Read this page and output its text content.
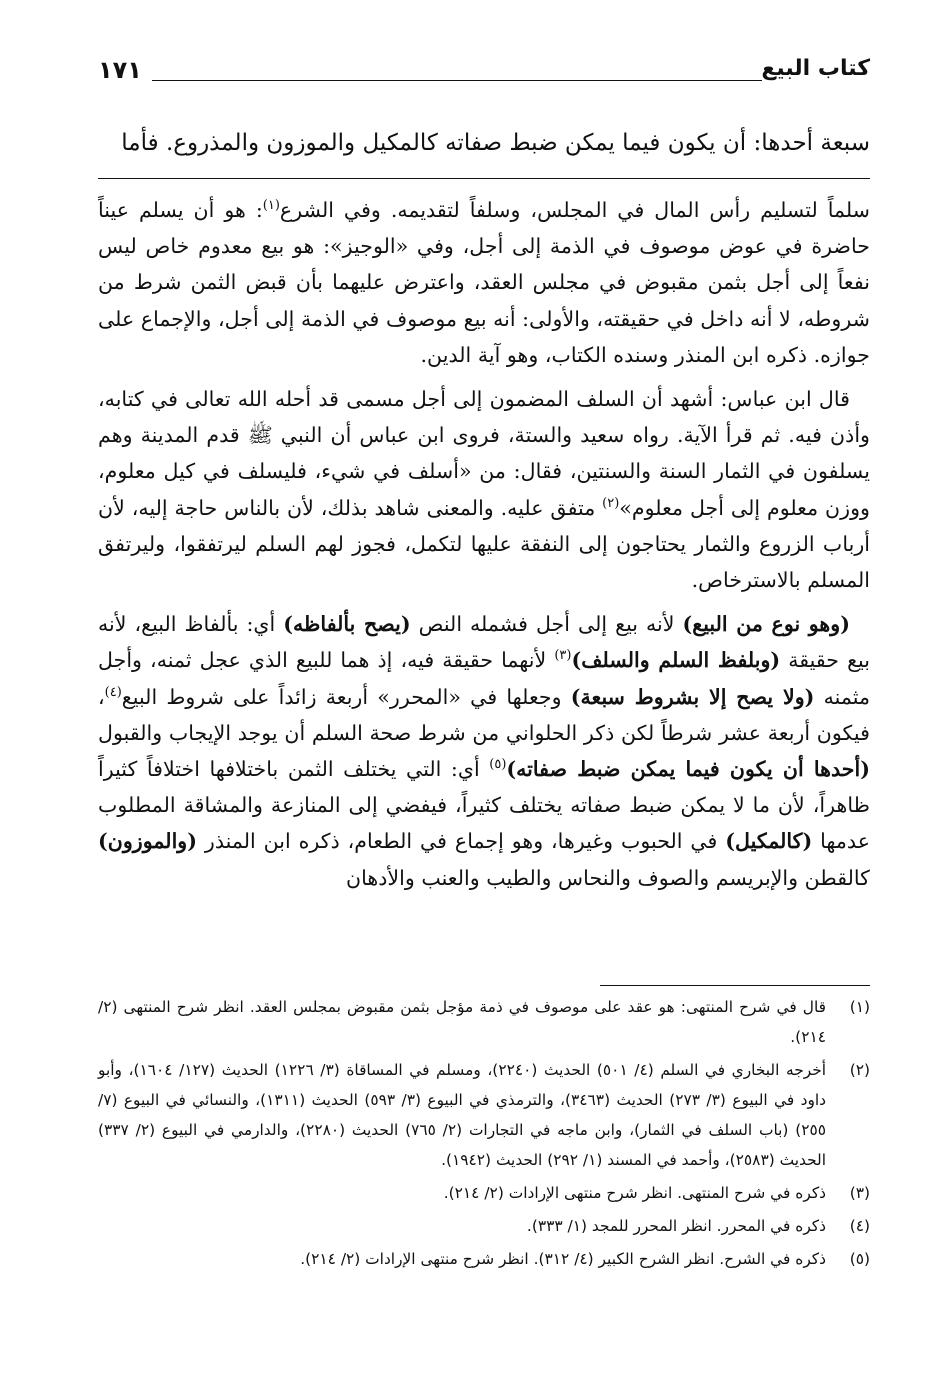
كتاب البيع
١٧١

سبعة أحدها: أن يكون فيما يمكن ضبط صفاته كالمكيل والموزون والمذروع. فأما

سلماً لتسليم رأس المال في المجلس، وسلفاً لتقديمه. وفي الشرع$^{(١)}$: هو أن يسلم عيناً حاضرة في عوض موصوف في الذمة إلى أجل، وفي «الوجيز»: هو بيع معدوم خاص ليس نفعاً إلى أجل بثمن مقبوض في مجلس العقد، واعترض عليهما بأن قبض الثمن شرط من شروطه، لا أنه داخل في حقيقته، والأولى: أنه بيع موصوف في الذمة إلى أجل، والإجماع على جوازه. ذكره ابن المنذر وسنده الكتاب، وهو آية الدين.

قال ابن عباس: أشهد أن السلف المضمون إلى أجل مسمى قد أحله الله تعالى في كتابه، وأذن فيه. ثم قرأ الآية. رواه سعيد والستة، فروى ابن عباس أن النبي ﷺ قدم المدينة وهم يسلفون في الثمار السنة والسنتين، فقال: من «أسلف في شيء، فليسلف في كيل معلوم، ووزن معلوم إلى أجل معلوم»$^{(٢)}$ متفق عليه. والمعنى شاهد بذلك، لأن بالناس حاجة إليه، لأن أرباب الزروع والثمار يحتاجون إلى النفقة عليها لتكمل، فجوز لهم السلم ليرتفقوا، وليرتفق المسلم بالاسترخاص.

(وهو نوع من البيع) لأنه بيع إلى أجل فشمله النص (يصح بألفاظه) أي: بألفاظ البيع، لأنه بيع حقيقة (وبلفظ السلم والسلف)$^{(٣)}$ لأنهما حقيقة فيه، إذ هما للبيع الذي عجل ثمنه، وأجل مثمنه (ولا يصح إلا بشروط سبعة) وجعلها في «المحرر» أربعة زائداً على شروط البيع$^{(٤)}$، فيكون أربعة عشر شرطاً لكن ذكر الحلواني من شرط صحة السلم أن يوجد الإيجاب والقبول (أحدها أن يكون فيما يمكن ضبط صفاته)$^{(٥)}$ أي: التي يختلف الثمن باختلافها اختلافاً كثيراً ظاهراً، لأن ما لا يمكن ضبط صفاته يختلف كثيراً، فيفضي إلى المنازعة والمشاقة المطلوب عدمها (كالمكيل) في الحبوب وغيرها، وهو إجماع في الطعام، ذكره ابن المنذر (والموزون) كالقطن والإبريسم والصوف والنحاس والطيب والعنب والأدهان

(١)
قال في شرح المنتهى: هو عقد على موصوف في ذمة مؤجل بثمن مقبوض بمجلس العقد. انظر شرح المنتهى (٢/ ٢١٤).
(٢)
أخرجه البخاري في السلم (٤/ ٥٠١) الحديث (٢٢٤٠)، ومسلم في المساقاة (٣/ ١٢٢٦) الحديث (١٢٧/ ١٦٠٤)، وأبو داود في البيوع (٣/ ٢٧٣) الحديث (٣٤٦٣)، والترمذي في البيوع (٣/ ٥٩٣) الحديث (١٣١١)، والنسائي في البيوع (٧/ ٢٥٥) (باب السلف في الثمار)، وابن ماجه في التجارات (٢/ ٧٦٥) الحديث (٢٢٨٠)، والدارمي في البيوع (٢/ ٣٣٧) الحديث (٢٥٨٣)، وأحمد في المسند (١/ ٢٩٢) الحديث (١٩٤٢).
(٣)
ذكره في شرح المنتهى. انظر شرح منتهى الإرادات (٢/ ٢١٤).
(٤)
ذكره في المحرر. انظر المحرر للمجد (١/ ٣٣٣).
(٥)
ذكره في الشرح. انظر الشرح الكبير (٤/ ٣١٢). انظر شرح منتهى الإرادات (٢/ ٢١٤).
